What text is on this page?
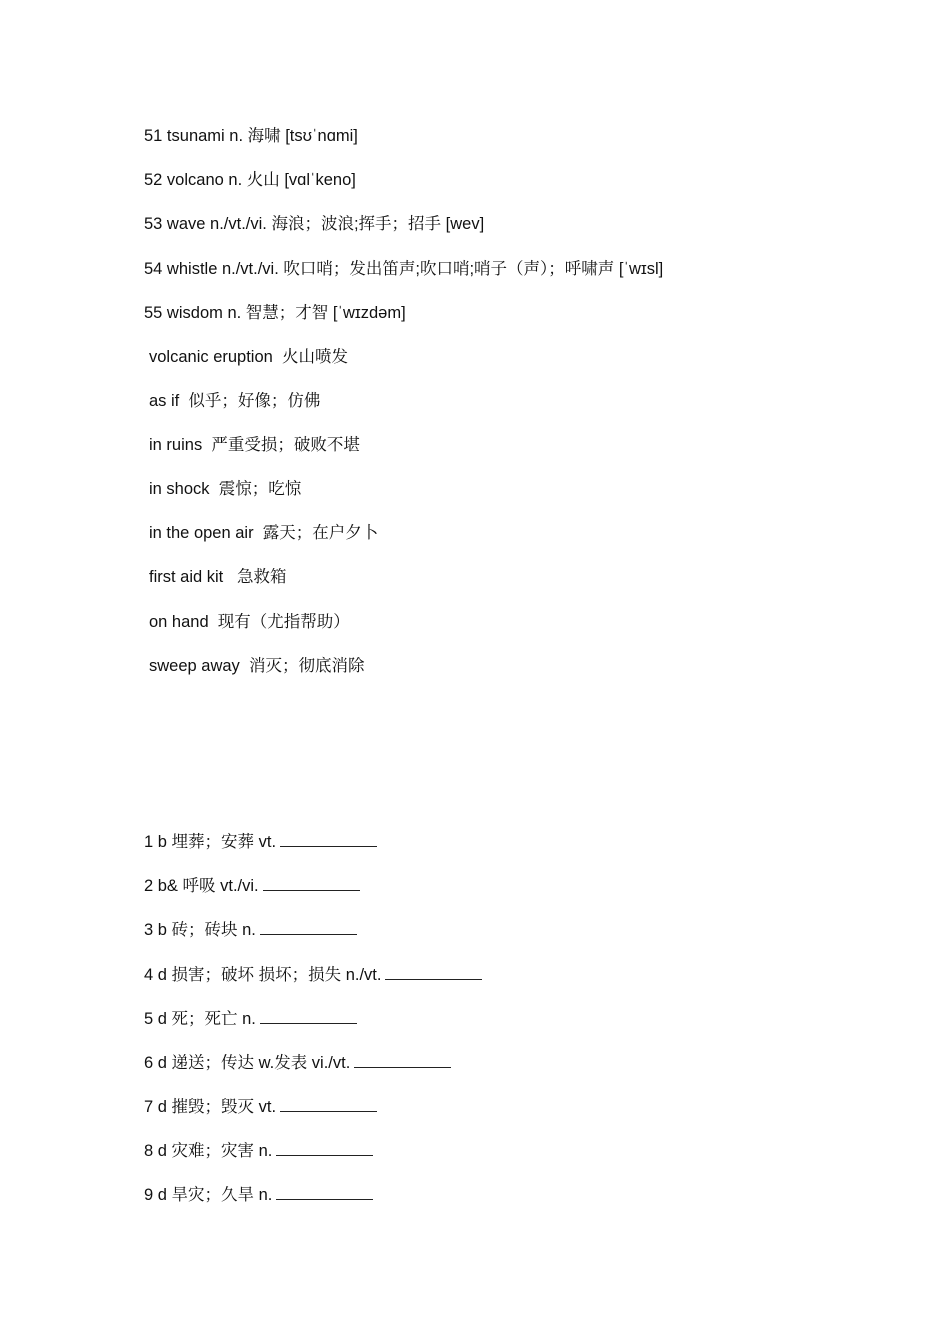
51 tsunami n. 海啸 [tsʊˈnɑmi]
52 volcano n. 火山 [vɑlˈkeno]
53 wave n./vt./vi. 海浪；波浪;挥手；招手 [wev]
54 whistle n./vt./vi. 吹口哨；发出笛声;吹口哨;哨子（声）；呼啸声 [ˈwɪsl]
55 wisdom n. 智慧；才智 [ˈwɪzdəm]
volcanic eruption  火山喷发
as if  似乎；好像；仿佛
in ruins  严重受损；破败不堪
in shock  震惊；吃惊
in the open air  露天；在户夕卜
first aid kit   急救箱
on hand  现有（尤指帮助）
sweep away  消灭；彻底消除
1 b 埋葬；安葬 vt.
2 b& 呼吸 vt./vi.
3 b 砖；砖块 n.
4 d 损害；破坏 损坏；损失 n./vt.
5 d 死；死亡 n.
6 d 递送；传达 w.发表 vi./vt.
7 d 摧毁；毁灭 vt.
8 d 灾难；灾害 n.
9 d 旱灾；久旱 n.
